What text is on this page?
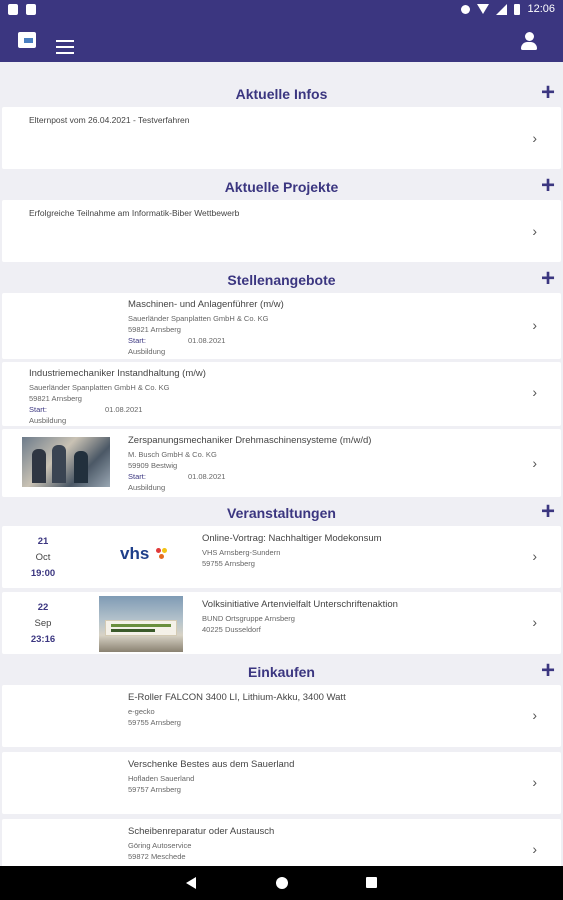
12:06
Aktuelle Infos	+
Elternpost vom 26.04.2021 - Testverfahren
›
Aktuelle Projekte	+
Erfolgreiche Teilnahme am Informatik-Biber Wettbewerb
›
Stellenangebote	+
Maschinen- und Anlagenführer (m/w)
Sauerländer Spanplatten GmbH & Co. KG
59821 Arnsberg
Start:	01.08.2021
Ausbildung
›
Industriemechaniker Instandhaltung (m/w)
Sauerländer Spanplatten GmbH & Co. KG
59821 Arnsberg
Start:	01.08.2021
Ausbildung
›
Zerspanungsmechaniker Drehmaschinensysteme (m/w/d)
M. Busch GmbH & Co. KG
59909 Bestwig
Start:	01.08.2021
Ausbildung
›
Veranstaltungen	+
21
Oct
19:00
vhs
Online-Vortrag: Nachhaltiger Modekonsum
VHS Arnsberg-Sundern
59755 Arnsberg	›
22
Sep
23:16
Volksinitiative Artenvielfalt Unterschriftenaktion
BUND Ortsgruppe Arnsberg
40225 Dusseldorf	›
Einkaufen	+
E-Roller FALCON 3400 LI, Lithium-Akku, 3400 Watt
e-gecko
59755 Arnsberg	›
Verschenke Bestes aus dem Sauerland
Hofladen Sauerland
59757 Arnsberg	›
Scheibenreparatur oder Austausch
Göring Autoservice
59872 Meschede	›
